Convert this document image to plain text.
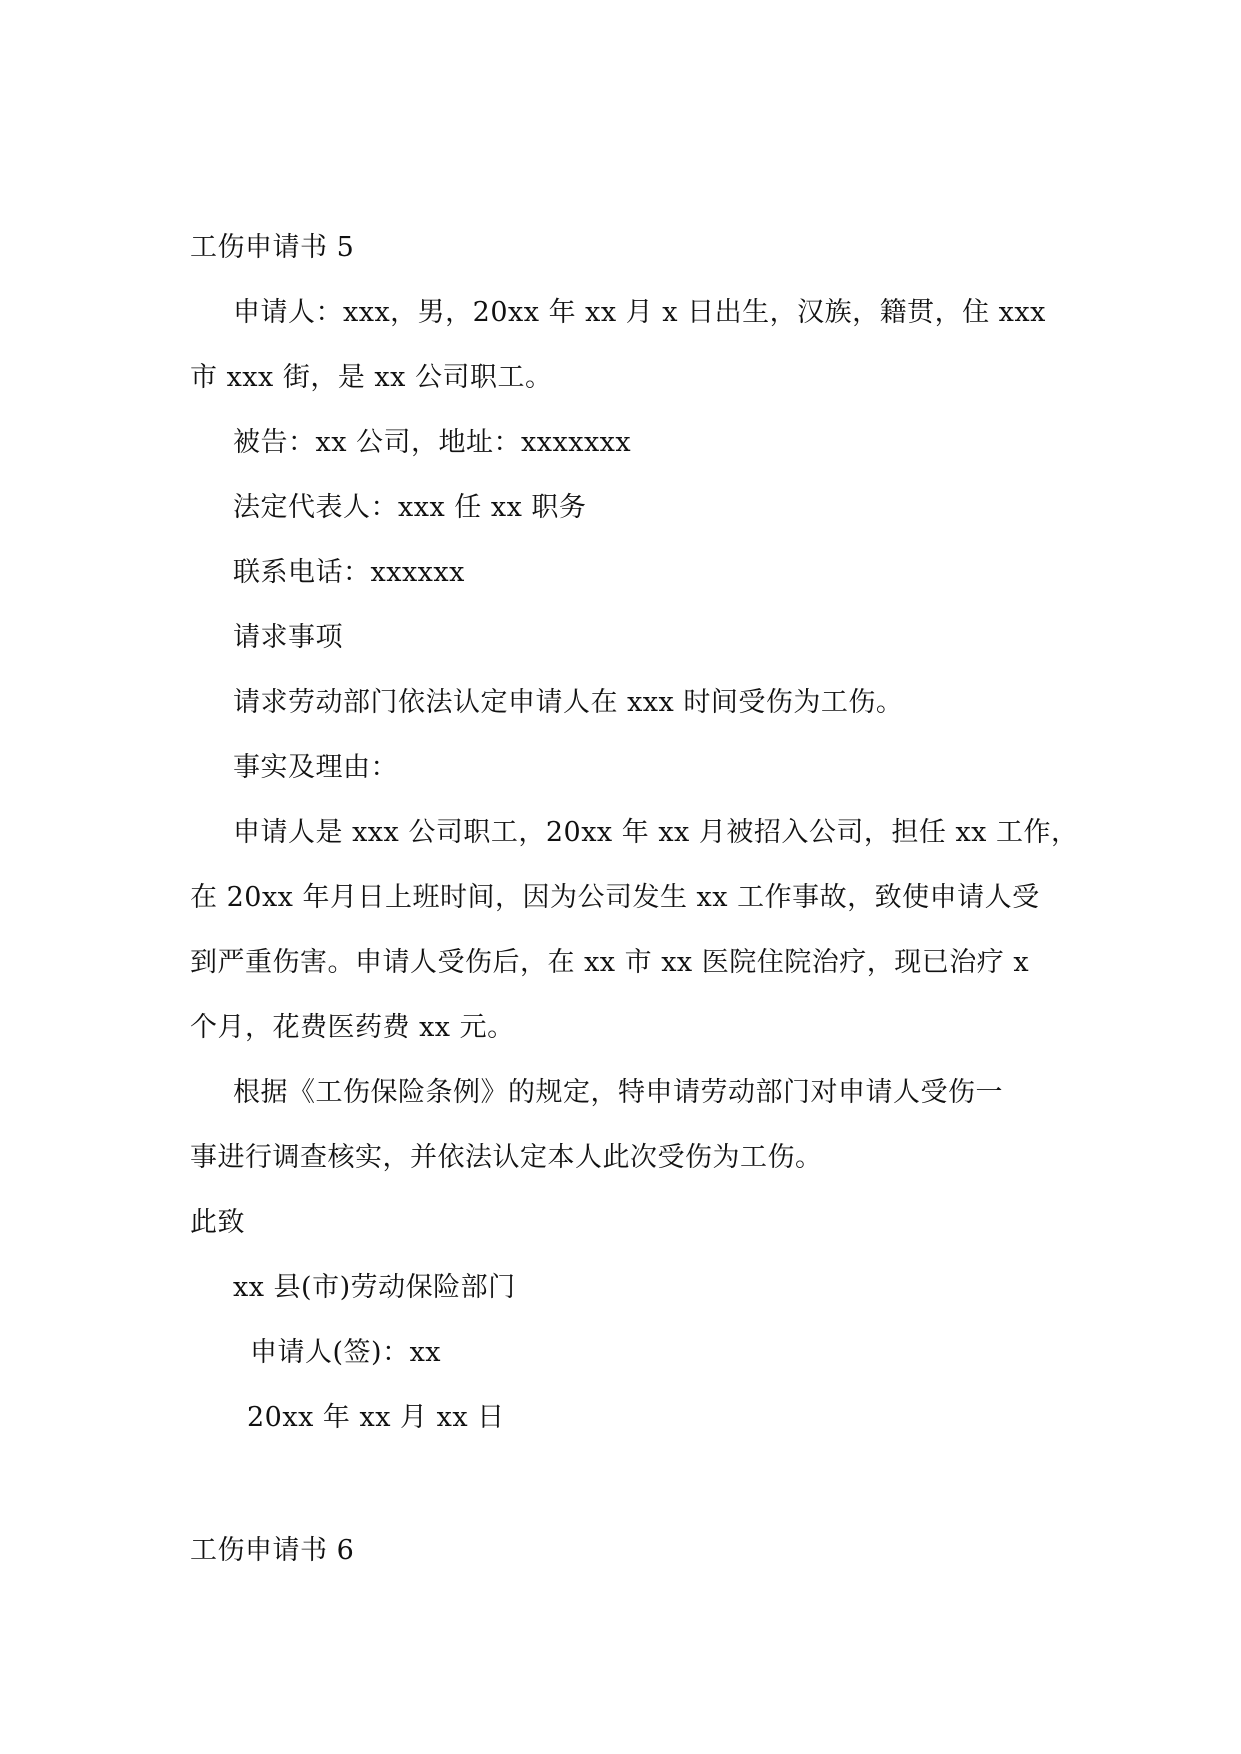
工伤申请书 5
申请人：xxx，男，20xx 年 xx 月 x 日出生，汉族，籍贯，住 xxx
市 xxx 街，是 xx 公司职工。
被告：xx 公司，地址：xxxxxxx
法定代表人：xxx 任 xx 职务
联系电话：xxxxxx
请求事项
请求劳动部门依法认定申请人在 xxx 时间受伤为工伤。
事实及理由：
申请人是 xxx 公司职工，20xx 年 xx 月被招入公司，担任 xx 工作，
在 20xx 年月日上班时间，因为公司发生 xx 工作事故，致使申请人受
到严重伤害。申请人受伤后，在 xx 市 xx 医院住院治疗，现已治疗 x
个月，花费医药费 xx 元。
根据《工伤保险条例》的规定，特申请劳动部门对申请人受伤一
事进行调查核实，并依法认定本人此次受伤为工伤。
此致
xx 县(市)劳动保险部门
申请人(签)：xx
20xx 年 xx 月 xx 日
工伤申请书 6
